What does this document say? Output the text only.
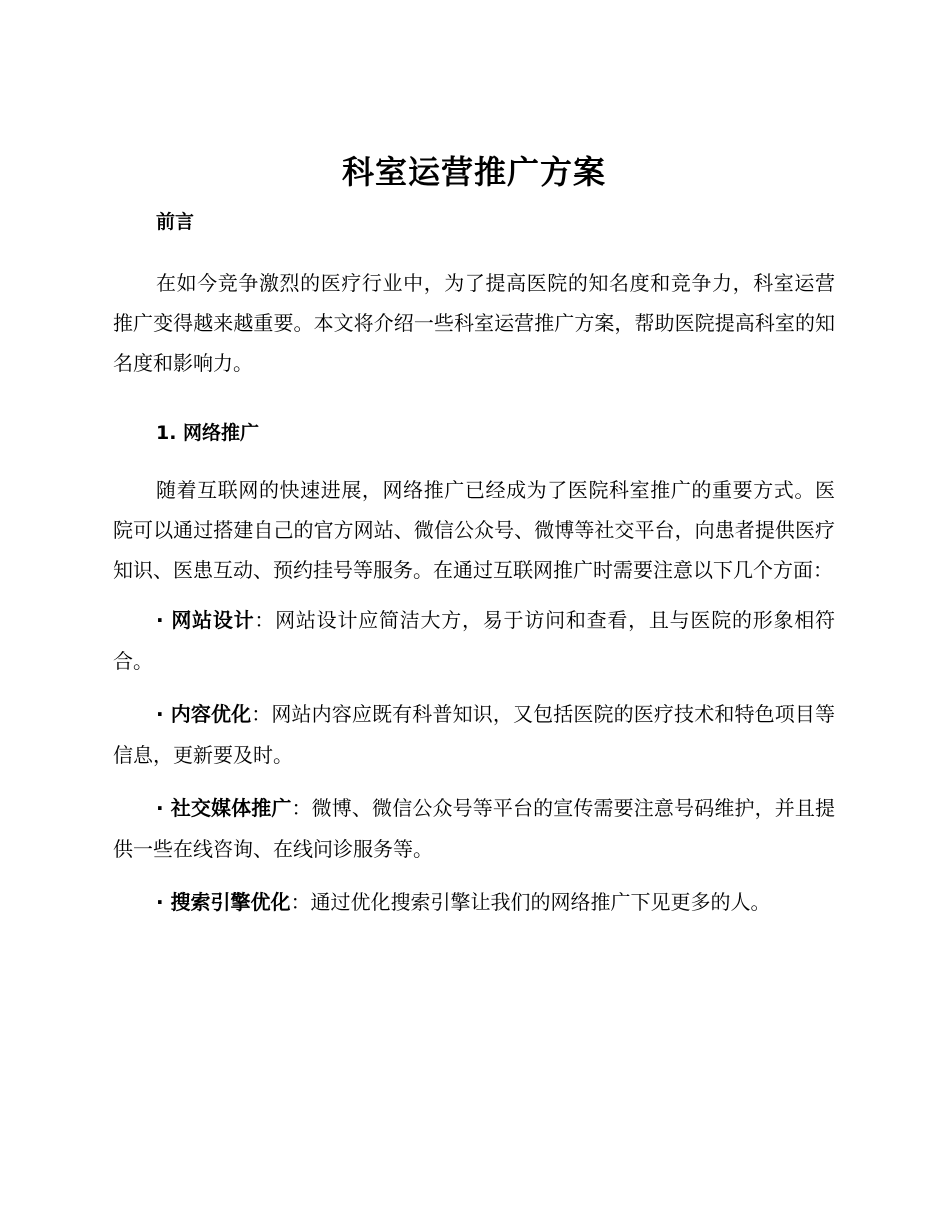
科室运营推广方案
前言

在如今竞争激烈的医疗行业中，为了提高医院的知名度和竞争力，科室运营推广变得越来越重要。本文将介绍一些科室运营推广方案，帮助医院提高科室的知名度和影响力。

1. 网络推广

随着互联网的快速进展，网络推广已经成为了医院科室推广的重要方式。医院可以通过搭建自己的官方网站、微信公众号、微博等社交平台，向患者提供医疗知识、医患互动、预约挂号等服务。在通过互联网推广时需要注意以下几个方面：

· 网站设计：网站设计应简洁大方，易于访问和查看，且与医院的形象相符合。

· 内容优化：网站内容应既有科普知识，又包括医院的医疗技术和特色项目等信息，更新要及时。

· 社交媒体推广：微博、微信公众号等平台的宣传需要注意号码维护，并且提供一些在线咨询、在线问诊服务等。

· 搜索引擎优化：通过优化搜索引擎让我们的网络推广下见更多的人。
